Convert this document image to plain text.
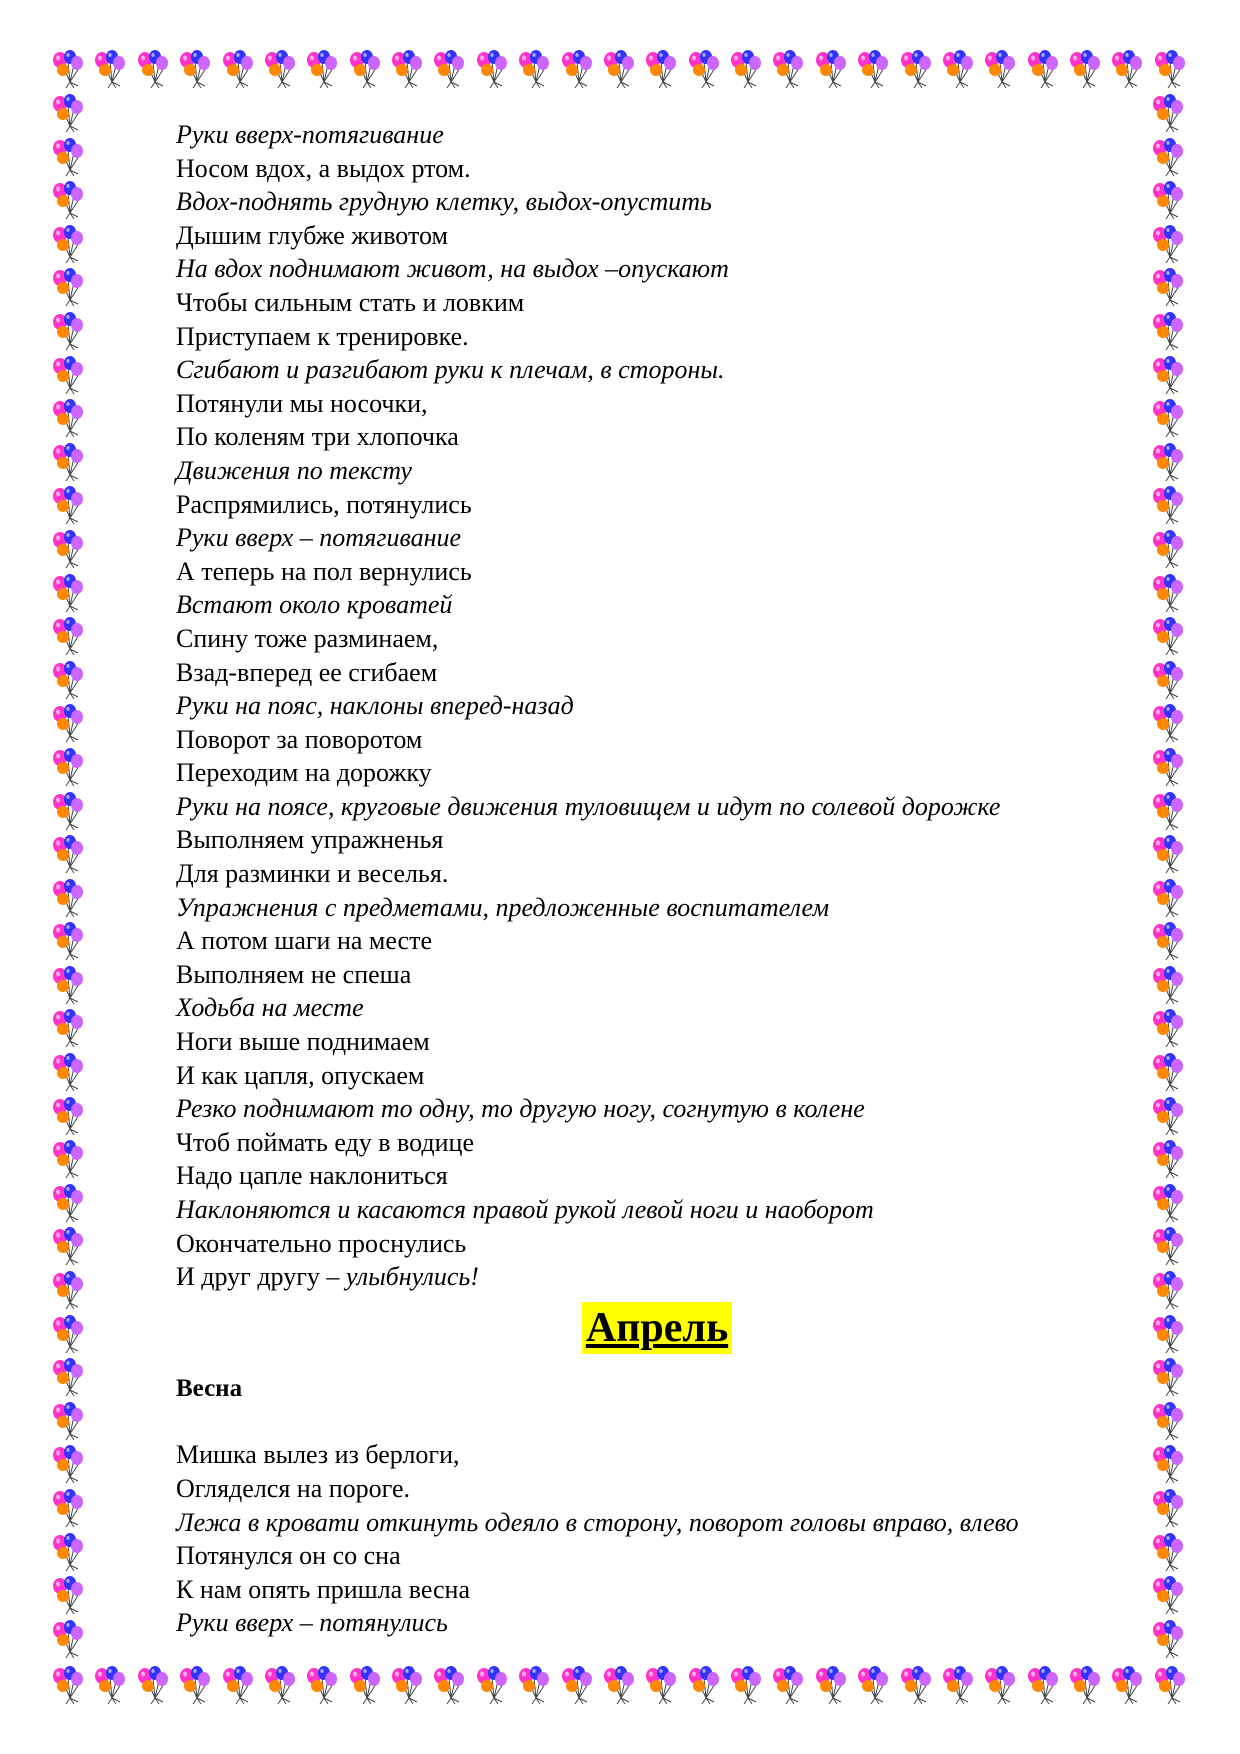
Руки вверх-потягивание
Носом вдох, а выдох ртом.
Вдох-поднять грудную клетку, выдох-опустить
Дышим глубже животом
На вдох поднимают живот, на выдох –опускают
Чтобы сильным стать и ловким
Приступаем к тренировке.
Сгибают и разгибают руки к плечам, в стороны.
Потянули мы носочки,
По коленям три хлопочка
Движения по тексту
Распрямились, потянулись
Руки вверх – потягивание
А теперь на пол вернулись
Встают около кроватей
Спину тоже разминаем,
Взад-вперед ее сгибаем
Руки на пояс, наклоны вперед-назад
Поворот за поворотом
Переходим на дорожку
Руки на поясе, круговые движения туловищем и идут по солевой дорожке
Выполняем упражненья
Для разминки и веселья.
Упражнения с предметами, предложенные воспитателем
А потом шаги на месте
Выполняем не спеша
Ходьба на месте
Ноги выше поднимаем
И как цапля, опускаем
Резко поднимают то одну, то другую ногу, согнутую в колене
Чтоб поймать еду в водице
Надо цапле наклониться
Наклоняются и касаются правой рукой левой ноги и наоборот
Окончательно проснулись
И друг другу – улыбнулись!
Апрель
Весна
Мишка вылез из берлоги,
Огляделся на пороге.
Лежа в кровати откинуть одеяло в сторону, поворот головы вправо, влево
Потянулся он со сна
К нам опять пришла весна
Руки вверх – потянулись
